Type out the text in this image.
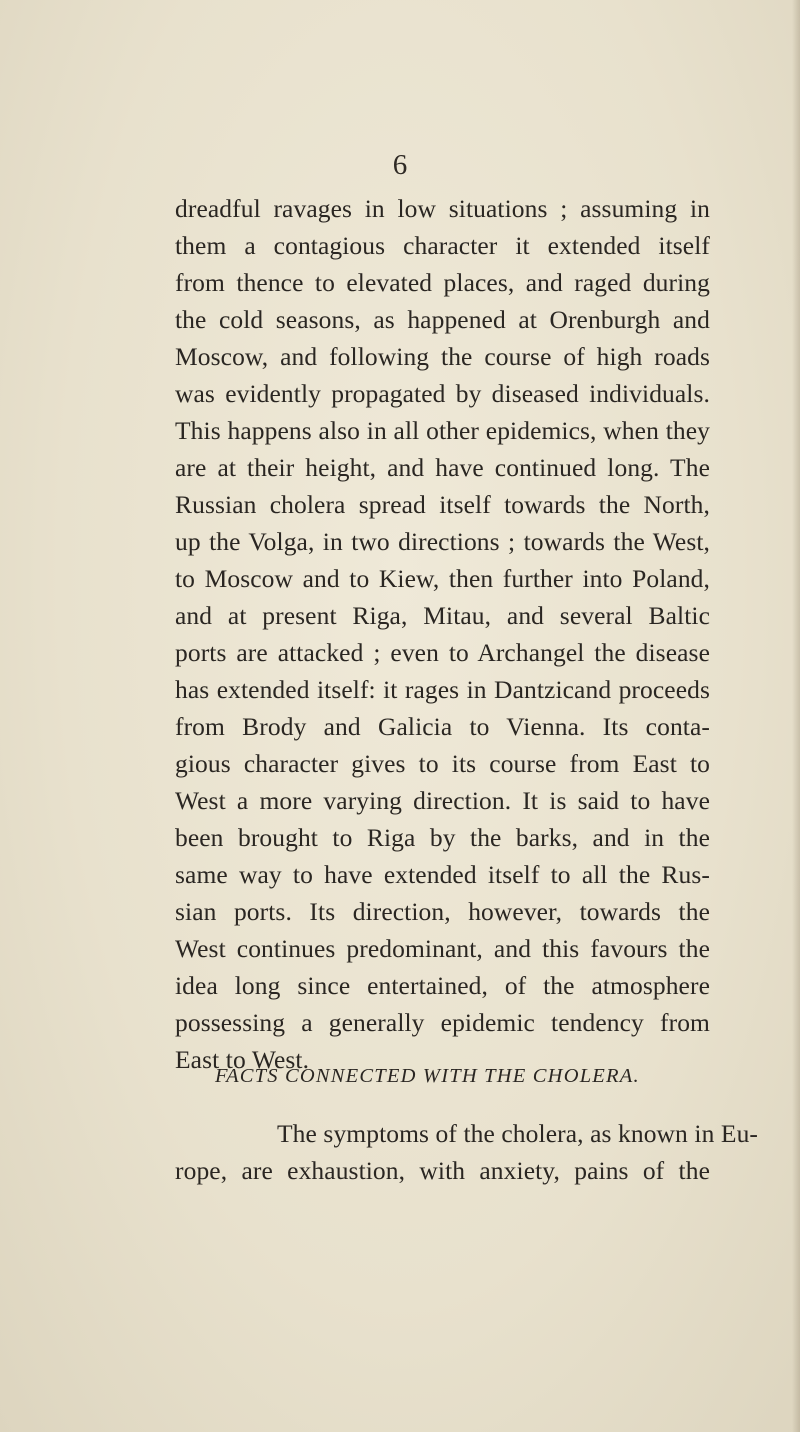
6
dreadful ravages in low situations ; assuming in
them a contagious character it extended itself
from thence to elevated places, and raged during
the cold seasons, as happened at Orenburgh and
Moscow, and following the course of high roads
was evidently propagated by diseased individuals.
This happens also in all other epidemics, when they
are at their height, and have continued long. The
Russian cholera spread itself towards the North,
up the Volga, in two directions ; towards the West,
to Moscow and to Kiew, then further into Poland,
and at present Riga, Mitau, and several Baltic
ports are attacked ; even to Archangel the disease
has extended itself: it rages in Dantzicand proceeds
from Brody and Galicia to Vienna. Its conta-
gious character gives to its course from East to
West a more varying direction. It is said to have
been brought to Riga by the barks, and in the
same way to have extended itself to all the Rus-
sian ports. Its direction, however, towards the
West continues predominant, and this favours the
idea long since entertained, of the atmosphere
possessing a generally epidemic tendency from
East to West.
FACTS CONNECTED WITH THE CHOLERA.
The symptoms of the cholera, as known in Eu-
rope, are exhaustion, with anxiety, pains of the
